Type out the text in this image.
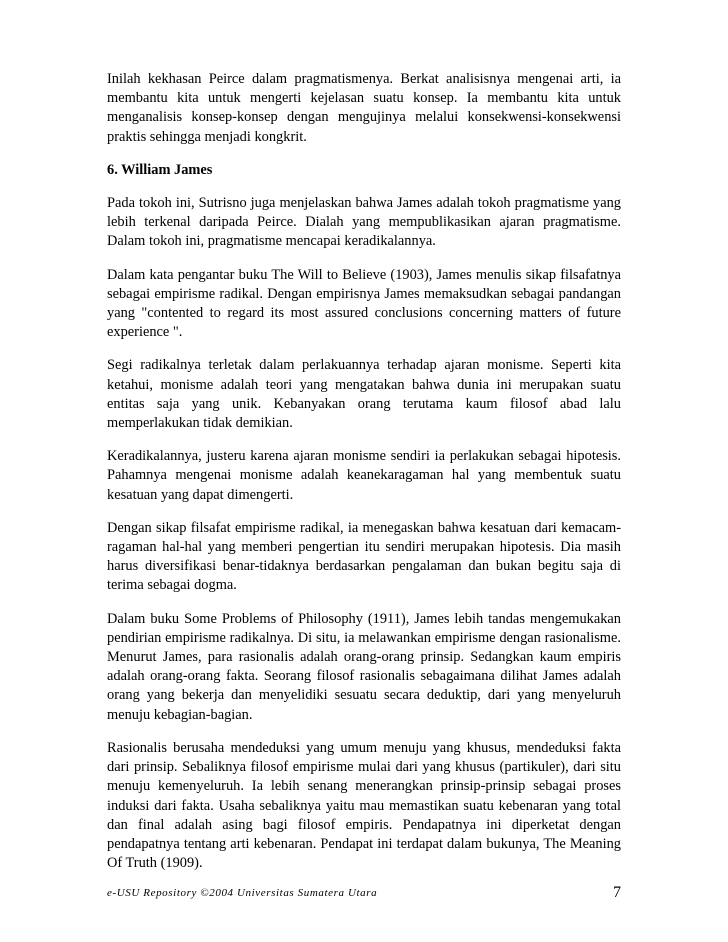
Inilah kekhasan Peirce dalam pragmatismenya. Berkat analisisnya mengenai arti, ia membantu kita untuk mengerti kejelasan suatu konsep. Ia membantu kita untuk menganalisis konsep-konsep dengan mengujinya melalui konsekwensi-konsekwensi praktis sehingga menjadi kongkrit.

6. William James

Pada tokoh ini, Sutrisno juga menjelaskan bahwa James adalah tokoh pragmatisme yang lebih terkenal daripada Peirce. Dialah yang mempublikasikan ajaran pragmatisme. Dalam tokoh ini, pragmatisme mencapai keradikalannya.

Dalam kata pengantar buku The Will to Believe (1903), James menulis sikap filsafatnya sebagai empirisme radikal. Dengan empirisnya James memaksudkan sebagai pandangan yang "contented to regard its most assured conclusions concerning matters of future experience ".

Segi radikalnya terletak dalam perlakuannya terhadap ajaran monisme. Seperti kita ketahui, monisme adalah teori yang mengatakan bahwa dunia ini merupakan suatu entitas saja yang unik. Kebanyakan orang terutama kaum filosof abad lalu memperlakukan tidak demikian.

Keradikalannya, justeru karena ajaran monisme sendiri ia perlakukan sebagai hipotesis. Pahamnya mengenai monisme adalah keanekaragaman hal yang membentuk suatu kesatuan yang dapat dimengerti.

Dengan sikap filsafat empirisme radikal, ia menegaskan bahwa kesatuan dari kemacam-ragaman hal-hal yang memberi pengertian itu sendiri merupakan hipotesis. Dia masih harus diversifikasi benar-tidaknya berdasarkan pengalaman dan bukan begitu saja di terima sebagai dogma.

Dalam buku Some Problems of Philosophy (1911), James lebih tandas mengemukakan pendirian empirisme radikalnya. Di situ, ia melawankan empirisme dengan rasionalisme. Menurut James, para rasionalis adalah orang-orang prinsip. Sedangkan kaum empiris adalah orang-orang fakta. Seorang filosof rasionalis sebagaimana dilihat James adalah orang yang bekerja dan menyelidiki sesuatu secara deduktip, dari yang menyeluruh menuju kebagian-bagian.

Rasionalis berusaha mendeduksi yang umum menuju yang khusus, mendeduksi fakta dari prinsip. Sebaliknya filosof empirisme mulai dari yang khusus (partikuler), dari situ menuju kemenyeluruh. Ia lebih senang menerangkan prinsip-prinsip sebagai proses induksi dari fakta. Usaha sebaliknya yaitu mau memastikan suatu kebenaran yang total dan final adalah asing bagi filosof empiris. Pendapatnya ini diperketat dengan pendapatnya tentang arti kebenaran. Pendapat ini terdapat dalam bukunya, The Meaning Of Truth (1909).

e-USU Repository ©2004 Universitas Sumatera Utara	7
